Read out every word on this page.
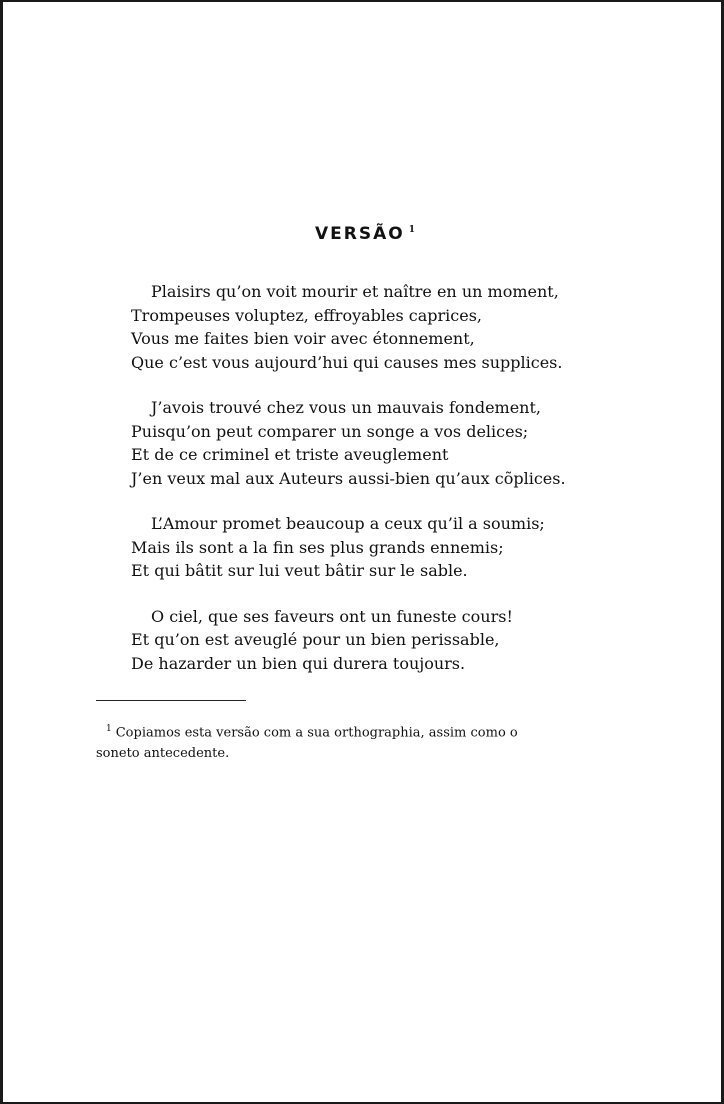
VERSÃO $^1$
Plaisirs qu’on voit mourir et naître en un moment,
Trompeuses voluptez, effroyables caprices,
Vous me faites bien voir avec étonnement,
Que c’est vous aujourd’hui qui causes mes supplices.
J’avois trouvé chez vous un mauvais fondement,
Puisqu’on peut comparer un songe a vos delices;
Et de ce criminel et triste aveuglement
J’en veux mal aux Auteurs aussi-bien qu’aux cõplices.
L’Amour promet beaucoup a ceux qu’il a soumis;
Mais ils sont a la fin ses plus grands ennemis;
Et qui bâtit sur lui veut bâtir sur le sable.
O ciel, que ses faveurs ont un funeste cours!
Et qu’on est aveuglé pour un bien perissable,
De hazarder un bien qui durera toujours.
$^1$ Copiamos esta versão com a sua orthographia, assim como o soneto antecedente.
